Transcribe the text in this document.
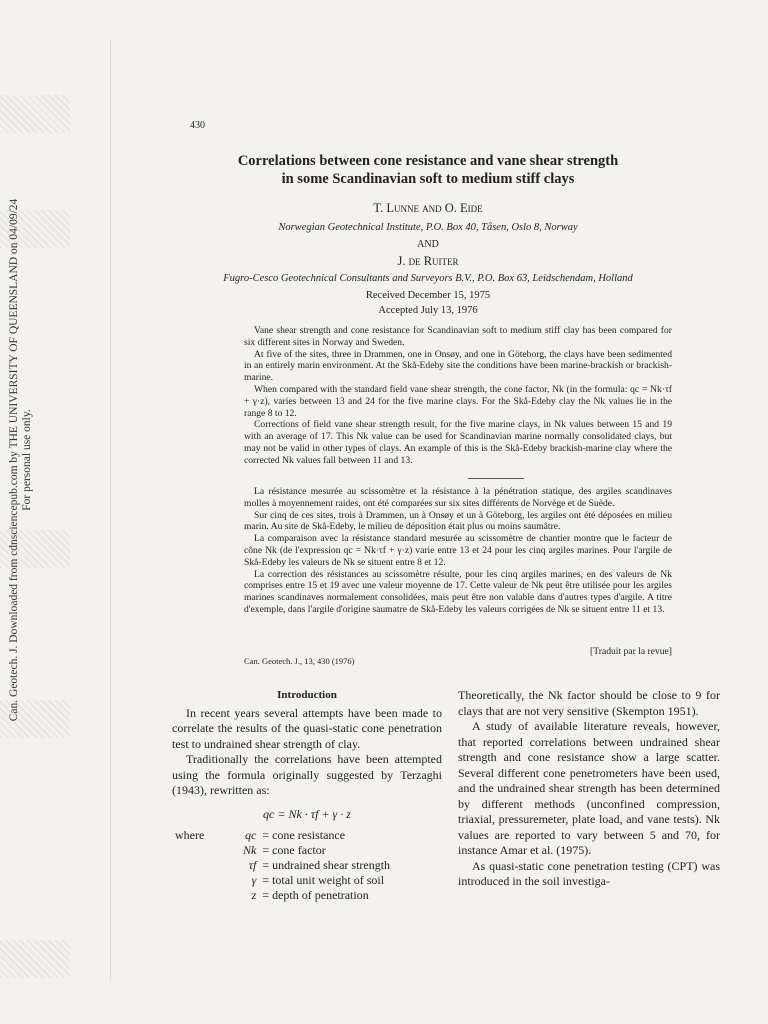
Can. Geotech. J. Downloaded from cdnsciencepub.com by THE UNIVERSITY OF QUEENSLAND on 04/09/24 For personal use only.
430
Correlations between cone resistance and vane shear strength
in some Scandinavian soft to medium stiff clays
T. Lunne and O. Eide
Norwegian Geotechnical Institute, P.O. Box 40, Tåsen, Oslo 8, Norway
AND
J. de Ruiter
Fugro-Cesco Geotechnical Consultants and Surveyors B.V., P.O. Box 63, Leidschendam, Holland
Received December 15, 1975
Accepted July 13, 1976

Vane shear strength and cone resistance for Scandinavian soft to medium stiff clay has been compared for six different sites in Norway and Sweden.

At five of the sites, three in Drammen, one in Onsøy, and one in Göteborg, the clays have been sedimented in an entirely marin environment. At the Skå-Edeby site the conditions have been marine-brackish or brackish-marine.

When compared with the standard field vane shear strength, the cone factor, Nk (in the formula: qc = Nk·τf + γ·z), varies between 13 and 24 for the five marine clays. For the Skå-Edeby clay the Nk values lie in the range 8 to 12.

Corrections of field vane shear strength result, for the five marine clays, in Nk values between 15 and 19 with an average of 17. This Nk value can be used for Scandinavian marine normally consolidated clays, but may not be valid in other types of clays. An example of this is the Skå-Edeby brackish-marine clay where the corrected Nk values fall between 11 and 13.

La résistance mesurée au scissomètre et la résistance à la pénétration statique, des argiles scandinaves molles à moyennement raides, ont été comparées sur six sites différents de Norvège et de Suède.

Sur cinq de ces sites, trois à Drammen, un à Onsøy et un à Göteborg, les argiles ont été déposées en milieu marin. Au site de Skå-Edeby, le milieu de déposition était plus ou moins saumâtre.

La comparaison avec la résistance standard mesurée au scissomètre de chantier montre que le facteur de cône Nk (de l'expression qc = Nk·τf + γ·z) varie entre 13 et 24 pour les cinq argiles marines. Pour l'argile de Skå-Edeby les valeurs de Nk se situent entre 8 et 12.

La correction des résistances au scissomètre résulte, pour les cinq argiles marines, en des valeurs de Nk comprises entre 15 et 19 avec une valeur moyenne de 17. Cette valeur de Nk peut être utilisée pour les argiles marines scandinaves normalement consolidées, mais peut être non valable dans d'autres types d'argile. A titre d'exemple, dans l'argile d'origine saumatre de Skå-Edeby les valeurs corrigées de Nk se situent entre 11 et 13.

[Traduit par la revue]
Can. Geotech. J., 13, 430 (1976)
Introduction

In recent years several attempts have been made to correlate the results of the quasi-static cone penetration test to undrained shear strength of clay.

Traditionally the correlations have been attempted using the formula originally suggested by Terzaghi (1943), rewritten as:

qc = Nk · τf + γ · z
where	qc	= cone resistance
	Nk	= cone factor
	τf	= undrained shear strength
	γ	= total unit weight of soil
	z	= depth of penetration

Theoretically, the Nk factor should be close to 9 for clays that are not very sensitive (Skempton 1951).

A study of available literature reveals, however, that reported correlations between undrained shear strength and cone resistance show a large scatter. Several different cone penetrometers have been used, and the undrained shear strength has been determined by different methods (unconfined compression, triaxial, pressuremeter, plate load, and vane tests). Nk values are reported to vary between 5 and 70, for instance Amar et al. (1975).

As quasi-static cone penetration testing (CPT) was introduced in the soil investiga-
